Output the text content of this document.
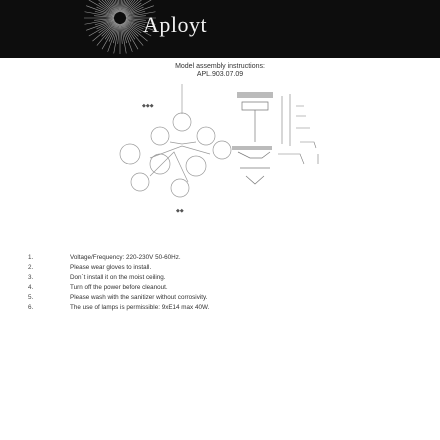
Aployt
Model assembly instructions:
APL.903.07.09
◆◆◆
◆◆
1.	Voltage/Frequency: 220-230V 50-60Hz.
2.	Please wear gloves to install.
3.	Don`t install it on the moist ceiling.
4.	Turn off the power before cleanout.
5.	Please wash with the sanitizer without corrosivity.
6.	The use of lamps is permissible: 9xE14 max 40W.
